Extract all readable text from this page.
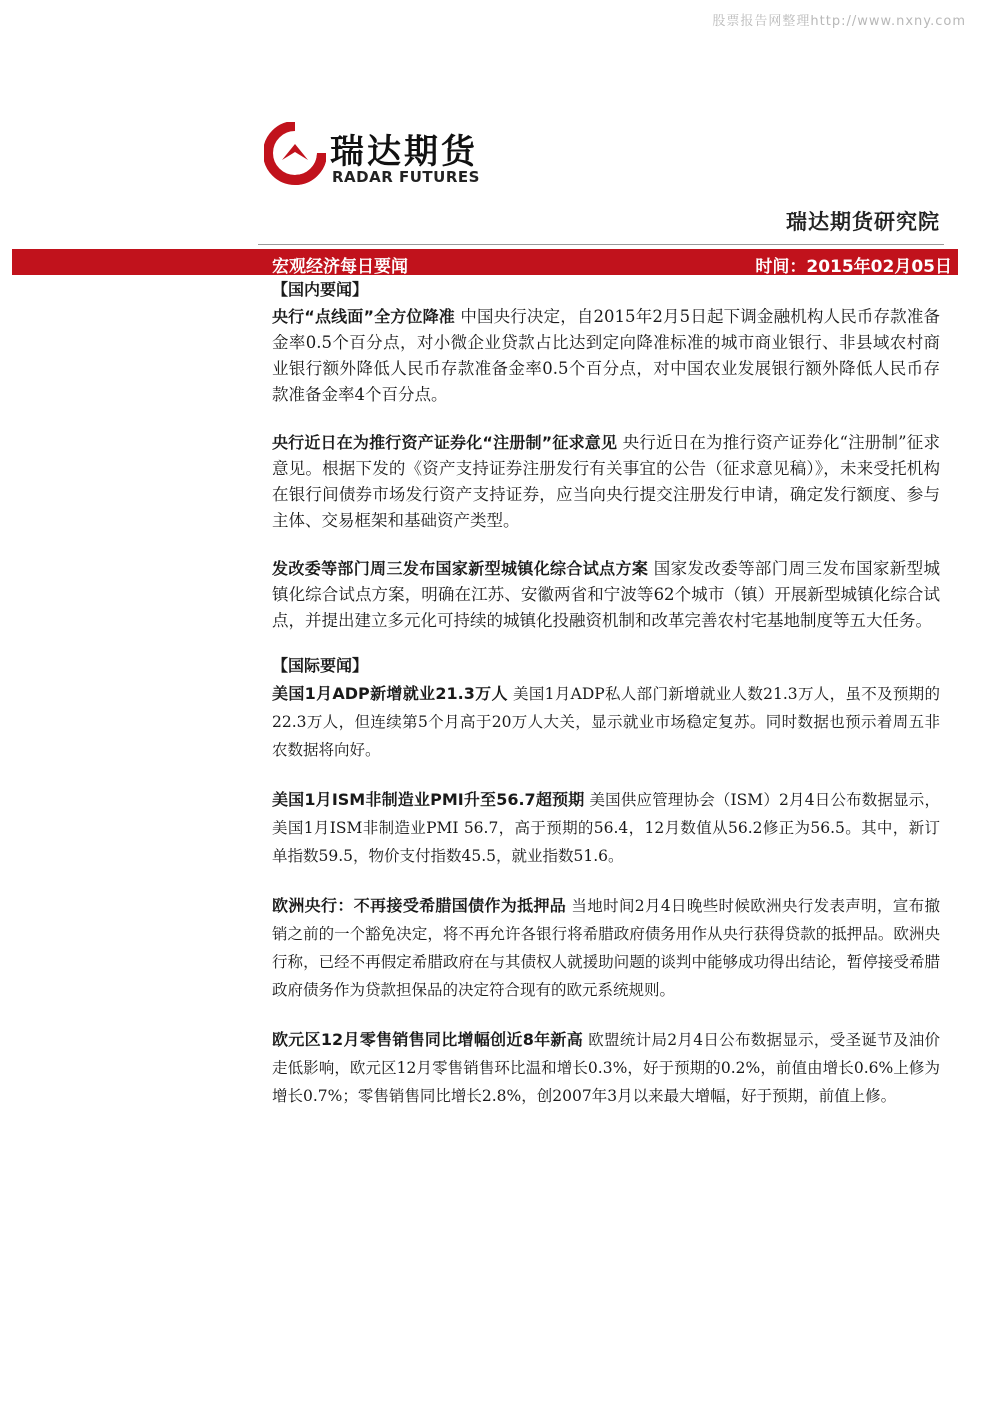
股票报告网整理http://www.nxny.com
瑞达期货
RADAR FUTURES
瑞达期货研究院
宏观经济每日要闻	时间：2015年02月05日
【国内要闻】
央行“点线面”全方位降准 中国央行决定，自2015年2月5日起下调金融机构人民币存款准备金率0.5个百分点，对小微企业贷款占比达到定向降准标准的城市商业银行、非县域农村商业银行额外降低人民币存款准备金率0.5个百分点，对中国农业发展银行额外降低人民币存款准备金率4个百分点。
央行近日在为推行资产证券化“注册制”征求意见 央行近日在为推行资产证券化“注册制”征求意见。根据下发的《资产支持证券注册发行有关事宜的公告（征求意见稿）》，未来受托机构在银行间债券市场发行资产支持证券，应当向央行提交注册发行申请，确定发行额度、参与主体、交易框架和基础资产类型。
发改委等部门周三发布国家新型城镇化综合试点方案 国家发改委等部门周三发布国家新型城镇化综合试点方案，明确在江苏、安徽两省和宁波等62个城市（镇）开展新型城镇化综合试点，并提出建立多元化可持续的城镇化投融资机制和改革完善农村宅基地制度等五大任务。
【国际要闻】
美国1月ADP新增就业21.3万人 美国1月ADP私人部门新增就业人数21.3万人，虽不及预期的22.3万人，但连续第5个月高于20万人大关，显示就业市场稳定复苏。同时数据也预示着周五非农数据将向好。
美国1月ISM非制造业PMI升至56.7超预期 美国供应管理协会（ISM）2月4日公布数据显示，美国1月ISM非制造业PMI 56.7，高于预期的56.4，12月数值从56.2修正为56.5。其中，新订单指数59.5，物价支付指数45.5，就业指数51.6。
欧洲央行：不再接受希腊国债作为抵押品 当地时间2月4日晚些时候欧洲央行发表声明，宣布撤销之前的一个豁免决定，将不再允许各银行将希腊政府债务用作从央行获得贷款的抵押品。欧洲央行称，已经不再假定希腊政府在与其债权人就援助问题的谈判中能够成功得出结论，暂停接受希腊政府债务作为贷款担保品的决定符合现有的欧元系统规则。
欧元区12月零售销售同比增幅创近8年新高 欧盟统计局2月4日公布数据显示，受圣诞节及油价走低影响，欧元区12月零售销售环比温和增长0.3%，好于预期的0.2%，前值由增长0.6%上修为增长0.7%；零售销售同比增长2.8%，创2007年3月以来最大增幅，好于预期，前值上修。
